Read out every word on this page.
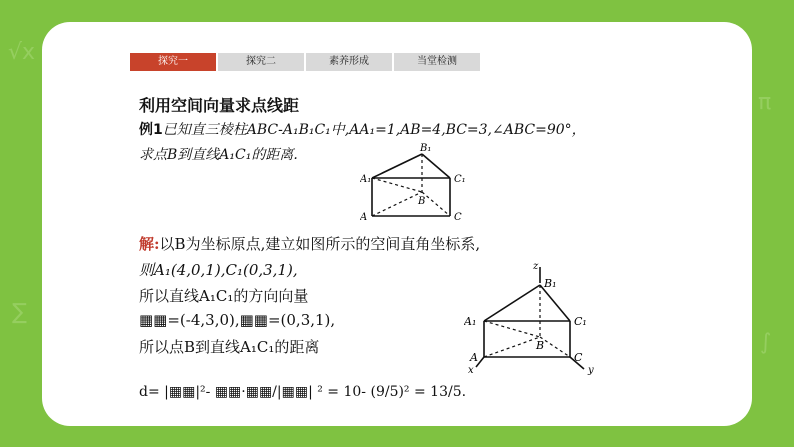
√x
∑
π
∫
探究一	探究二	素养形成	当堂检测
利用空间向量求点线距
例1已知直三棱柱ABC-A₁B₁C₁中,AA₁=1,AB=4,BC=3,∠ABC=90°，
求点B到直线A₁C₁的距离.	B₁
A₁	C₁
B
A	C
解:以B为坐标原点,建立如图所示的空间直角坐标系,
则A₁(4,0,1),C₁(0,3,1),
所以直线A₁C₁的方向向量
▦▦=(-4,3,0),▦▦=(0,3,1),
所以点B到直线A₁C₁的距离
d= |▦▦|²- ▦▦·▦▦/|▦▦| ² = 10- (9/5)² = 13/5.
z
B₁
A₁	C₁
B
A	C
x	y
